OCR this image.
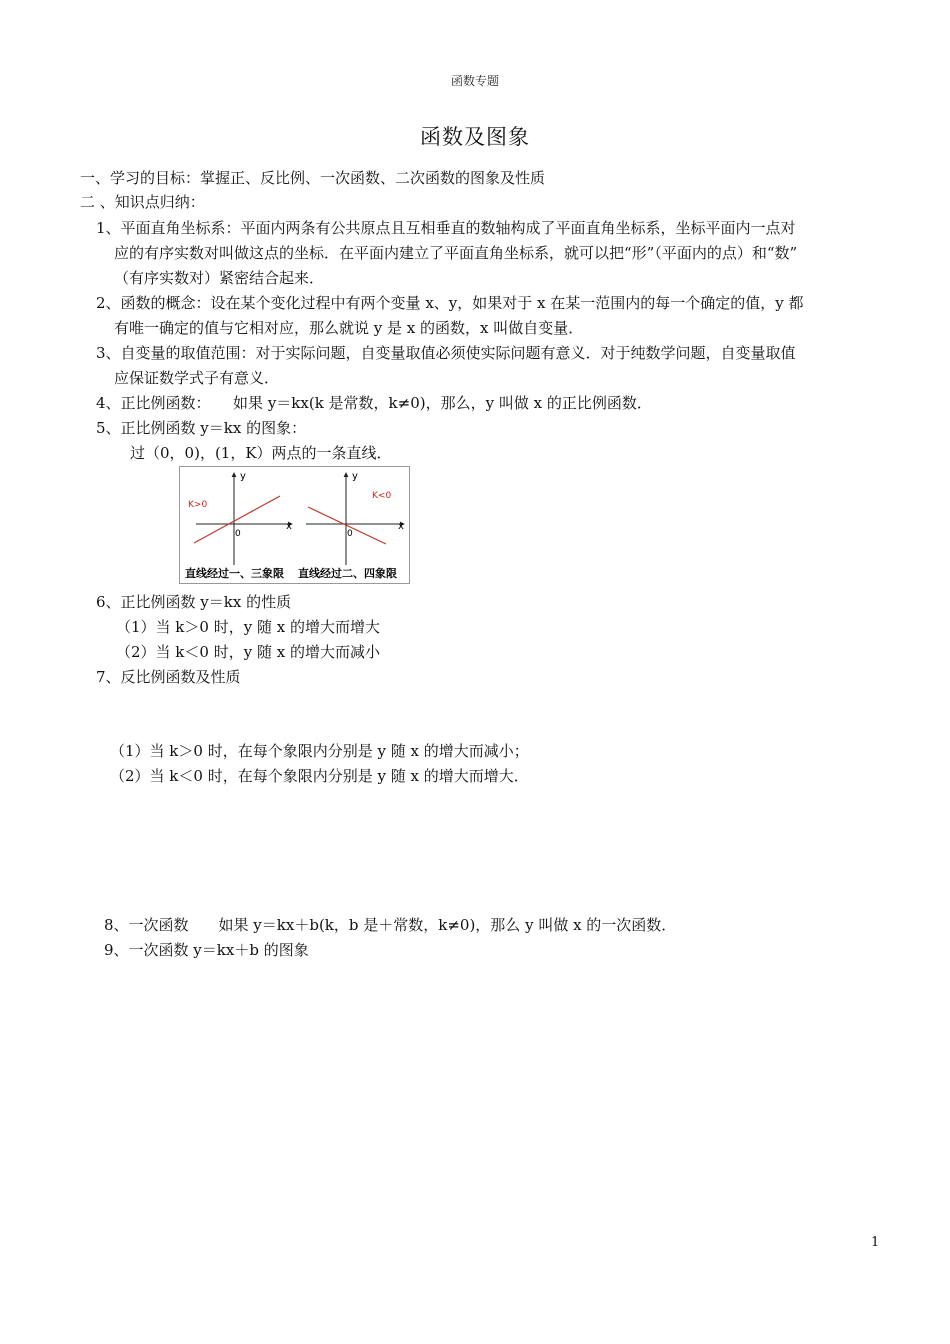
函数专题
函数及图象
一、学习的目标：掌握正、反比例、一次函数、二次函数的图象及性质
二 、知识点归纳：
1、平面直角坐标系：平面内两条有公共原点且互相垂直的数轴构成了平面直角坐标系，坐标平面内一点对
应的有序实数对叫做这点的坐标．在平面内建立了平面直角坐标系，就可以把“形”（平面内的点）和“数”
（有序实数对）紧密结合起来．
2、函数的概念：设在某个变化过程中有两个变量 x、y，如果对于 x 在某一范围内的每一个确定的值，y 都
有唯一确定的值与它相对应，那么就说 y 是 x 的函数，x 叫做自变量．
3、自变量的取值范围：对于实际问题，自变量取值必须使实际问题有意义．对于纯数学问题，自变量取值
应保证数学式子有意义．
4、正比例函数：　　如果 y＝kx(k 是常数，k≠0)，那么，y 叫做 x 的正比例函数．
5、正比例函数 y＝kx 的图象：
过（0，0)，(1，K）两点的一条直线．
y
x
0
K>0
直线经过一、三象限
y
x
0
K<0
直线经过二、四象限
6、正比例函数 y＝kx 的性质
（1）当 k＞0 时，y 随 x 的增大而增大
（2）当 k＜0 时，y 随 x 的增大而减小
7、反比例函数及性质
（1）当 k＞0 时，在每个象限内分别是 y 随 x 的增大而减小；
（2）当 k＜0 时，在每个象限内分别是 y 随 x 的增大而增大．
8、一次函数　　如果 y＝kx＋b(k，b 是＋常数，k≠0)，那么 y 叫做 x 的一次函数．
9、一次函数 y＝kx＋b 的图象
1
